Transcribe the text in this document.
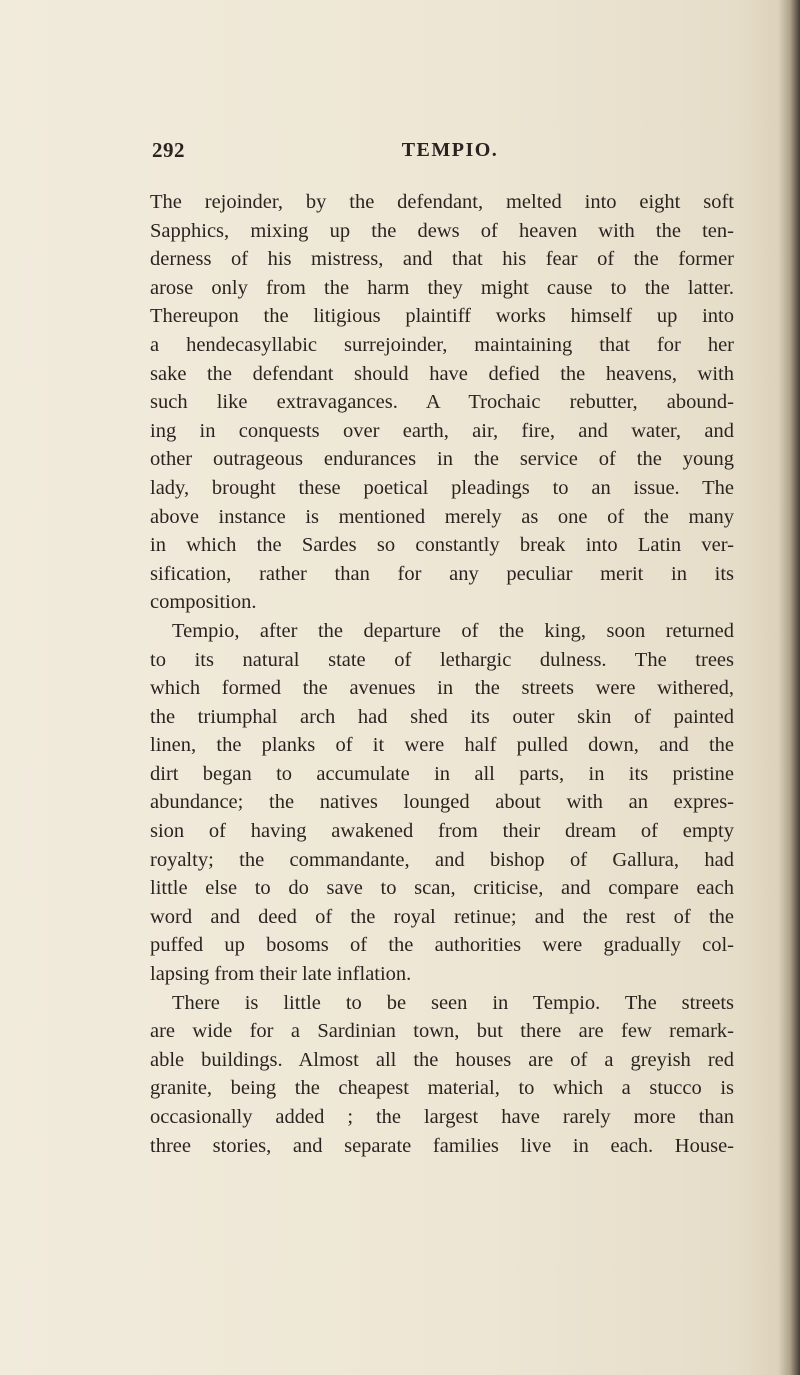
292	TEMPIO.
The rejoinder, by the defendant, melted into eight soft
Sapphics, mixing up the dews of heaven with the ten-
derness of his mistress, and that his fear of the former
arose only from the harm they might cause to the latter.
Thereupon the litigious plaintiff works himself up into
a hendecasyllabic surrejoinder, maintaining that for her
sake the defendant should have defied the heavens, with
such like extravagances. A Trochaic rebutter, abound-
ing in conquests over earth, air, fire, and water, and
other outrageous endurances in the service of the young
lady, brought these poetical pleadings to an issue. The
above instance is mentioned merely as one of the many
in which the Sardes so constantly break into Latin ver-
sification, rather than for any peculiar merit in its
composition.
Tempio, after the departure of the king, soon returned
to its natural state of lethargic dulness. The trees
which formed the avenues in the streets were withered,
the triumphal arch had shed its outer skin of painted
linen, the planks of it were half pulled down, and the
dirt began to accumulate in all parts, in its pristine
abundance; the natives lounged about with an expres-
sion of having awakened from their dream of empty
royalty; the commandante, and bishop of Gallura, had
little else to do save to scan, criticise, and compare each
word and deed of the royal retinue; and the rest of the
puffed up bosoms of the authorities were gradually col-
lapsing from their late inflation.
There is little to be seen in Tempio. The streets
are wide for a Sardinian town, but there are few remark-
able buildings. Almost all the houses are of a greyish red
granite, being the cheapest material, to which a stucco is
occasionally added ; the largest have rarely more than
three stories, and separate families live in each. House-
